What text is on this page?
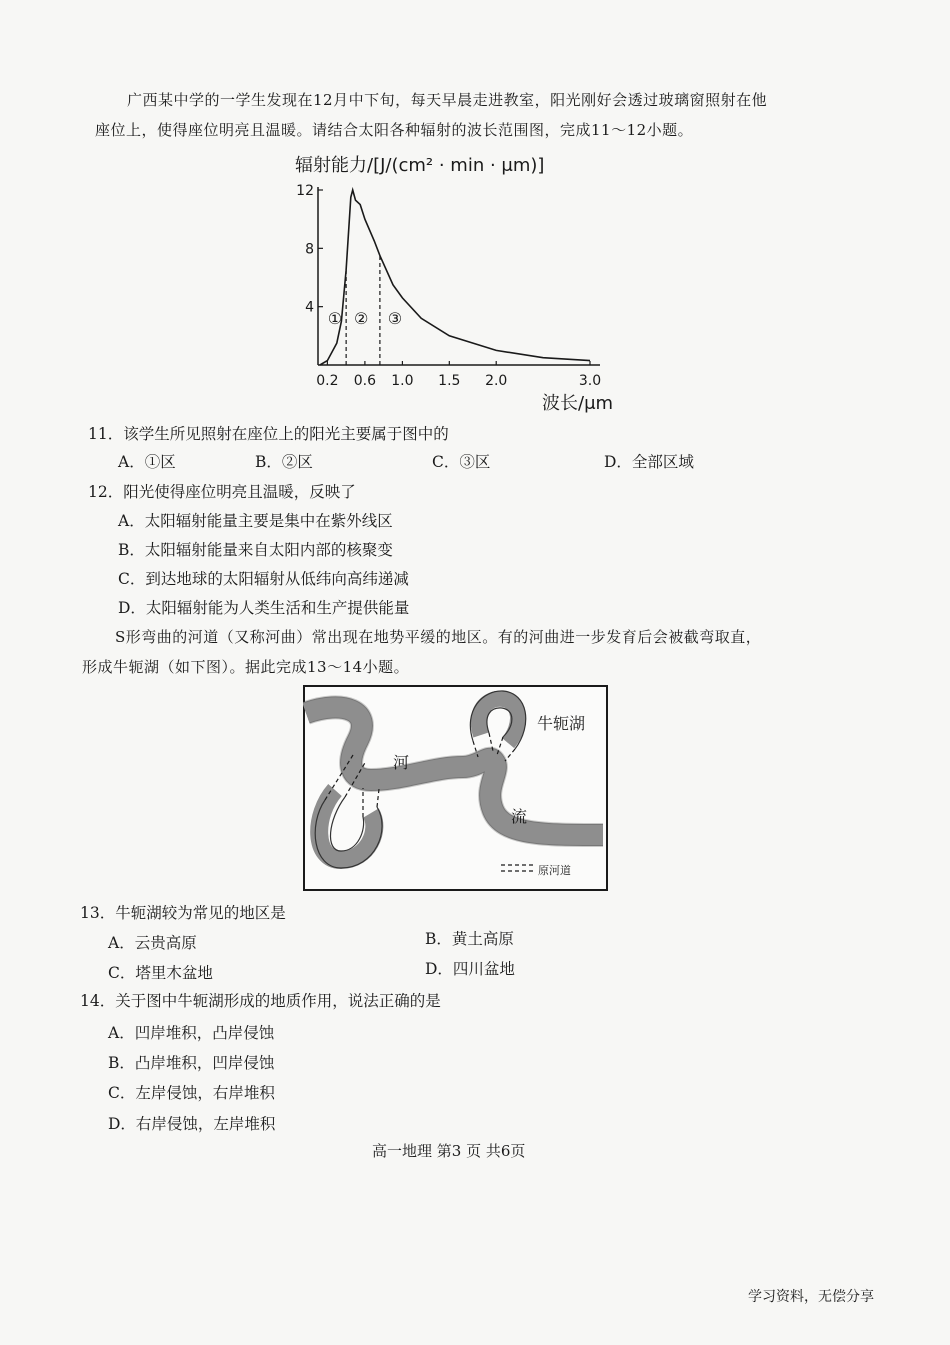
广西某中学的一学生发现在12月中下旬，每天早晨走进教室，阳光刚好会透过玻璃窗照射在他
座位上，使得座位明亮且温暖。请结合太阳各种辐射的波长范围图，完成11～12小题。
辐射能力/[J/(cm² · min · μm)]
12
8
4
0.2 0.6 1.0 1.5 2.0	3.0
① ② ③
波长/μm
11．该学生所见照射在座位上的阳光主要属于图中的
A．①区	B．②区	C．③区	D．全部区域
12．阳光使得座位明亮且温暖，反映了
A．太阳辐射能量主要是集中在紫外线区
B．太阳辐射能量来自太阳内部的核聚变
C．到达地球的太阳辐射从低纬向高纬递减
D．太阳辐射能为人类生活和生产提供能量
S形弯曲的河道（又称河曲）常出现在地势平缓的地区。有的河曲进一步发育后会被截弯取直，
形成牛轭湖（如下图）。据此完成13～14小题。
牛轭湖
河
流
原河道
13．牛轭湖较为常见的地区是
A．云贵高原	B．黄土高原
C．塔里木盆地	D．四川盆地
14．关于图中牛轭湖形成的地质作用，说法正确的是
A．凹岸堆积，凸岸侵蚀
B．凸岸堆积，凹岸侵蚀
C．左岸侵蚀，右岸堆积
D．右岸侵蚀，左岸堆积
高一地理 第3 页 共6页
学习资料，无偿分享
